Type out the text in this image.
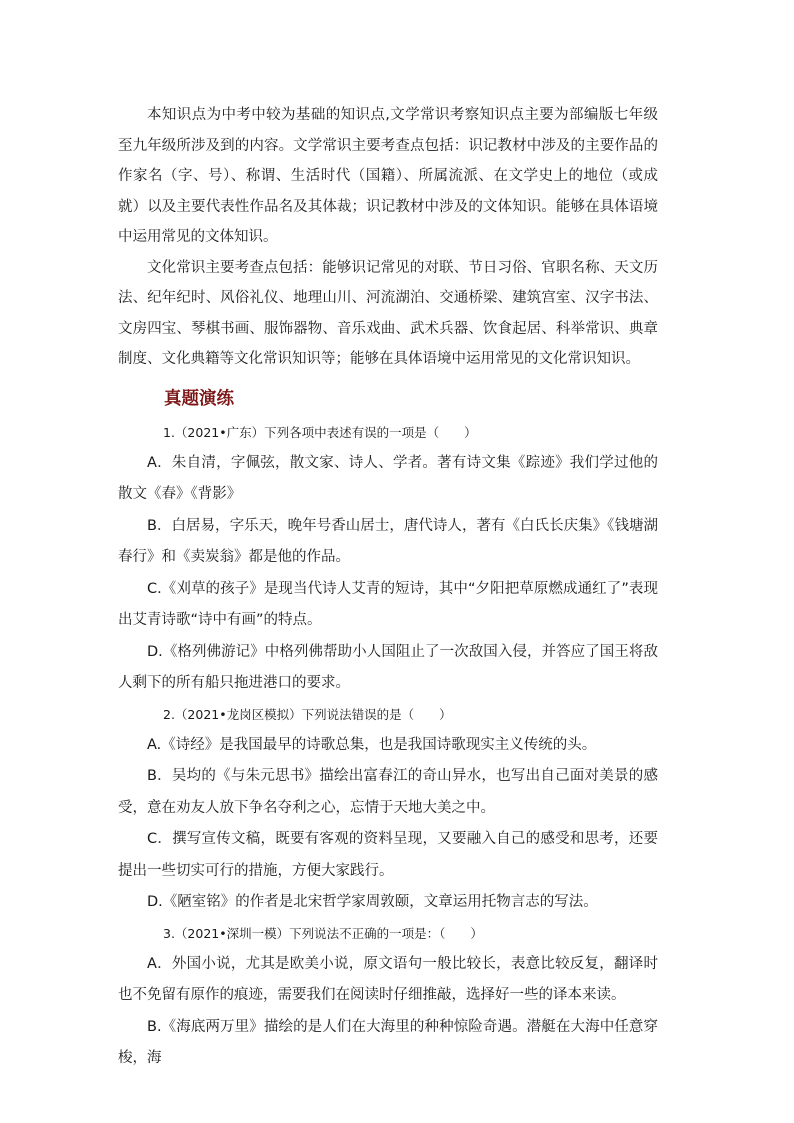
本知识点为中考中较为基础的知识点,文学常识考察知识点主要为部编版七年级至九年级所涉及到的内容。文学常识主要考查点包括：识记教材中涉及的主要作品的作家名（字、号）、称谓、生活时代（国籍）、所属流派、在文学史上的地位（或成就）以及主要代表性作品名及其体裁；识记教材中涉及的文体知识。能够在具体语境中运用常见的文体知识。

文化常识主要考查点包括：能够识记常见的对联、节日习俗、官职名称、天文历法、纪年纪时、风俗礼仪、地理山川、河流湖泊、交通桥梁、建筑宫室、汉字书法、文房四宝、琴棋书画、服饰器物、音乐戏曲、武术兵器、饮食起居、科举常识、典章制度、文化典籍等文化常识知识等；能够在具体语境中运用常见的文化常识知识。

真题演练

1.（2021•广东）下列各项中表述有误的一项是（　　）

A．朱自清，字佩弦，散文家、诗人、学者。著有诗文集《踪迹》我们学过他的散文《春》《背影》

B．白居易，字乐天，晚年号香山居士，唐代诗人，著有《白氏长庆集》《钱塘湖春行》和《卖炭翁》都是他的作品。

C.《刈草的孩子》是现当代诗人艾青的短诗，其中“夕阳把草原燃成通红了”表现出艾青诗歌“诗中有画”的特点。

D.《格列佛游记》中格列佛帮助小人国阻止了一次敌国入侵，并答应了国王将敌人剩下的所有船只拖进港口的要求。

2.（2021•龙岗区模拟）下列说法错误的是（　　）

A.《诗经》是我国最早的诗歌总集，也是我国诗歌现实主义传统的头。

B．吴均的《与朱元思书》描绘出富春江的奇山异水，也写出自己面对美景的感受，意在劝友人放下争名夺利之心，忘情于天地大美之中。

C．撰写宣传文稿，既要有客观的资料呈现，又要融入自己的感受和思考，还要提出一些切实可行的措施，方便大家践行。

D.《陋室铭》的作者是北宋哲学家周敦颐，文章运用托物言志的写法。

3.（2021•深圳一模）下列说法不正确的一项是：（　　）

A．外国小说，尤其是欧美小说，原文语句一般比较长，表意比较反复，翻译时也不免留有原作的痕迹，需要我们在阅读时仔细推敲，选择好一些的译本来读。

B.《海底两万里》描绘的是人们在大海里的种种惊险奇遇。潜艇在大海中任意穿梭，海
